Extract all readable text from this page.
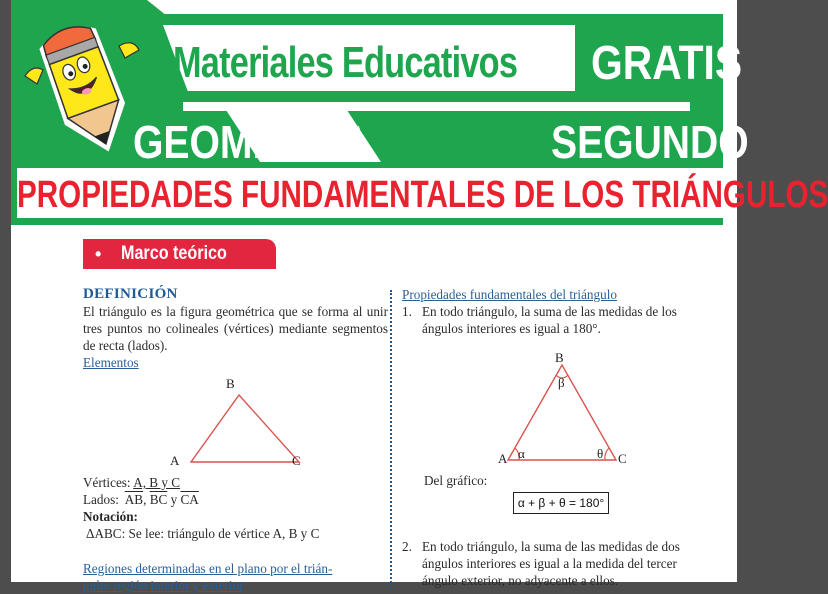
Materiales Educativos GRATIS
GEOMETRIA	SEGUNDO
PROPIEDADES FUNDAMENTALES DE LOS TRIÁNGULOS
• Marco teórico
DEFINICIÓN
El triángulo es la figura geométrica que se forma al unir tres puntos no colineales (vértices) mediante segmentos de recta (lados).
Elementos
B
A	C
Vértices: A, B y C
Lados: $\overline{AB}$, $\overline{BC}$ y $\overline{CA}$
Notación:
ΔABC: Se lee: triángulo de vértice A, B y C
Regiones determinadas en el plano por el trián-
gulo: región interior y exterior
Propiedades fundamentales del triángulo
1. En todo triángulo, la suma de las medidas de los ángulos interiores es igual a 180°.
B
β
A α	θ C
Del gráfico:
α + β + θ = 180°
2. En todo triángulo, la suma de las medidas de dos ángulos interiores es igual a la medida del tercer ángulo exterior, no adyacente a ellos.
